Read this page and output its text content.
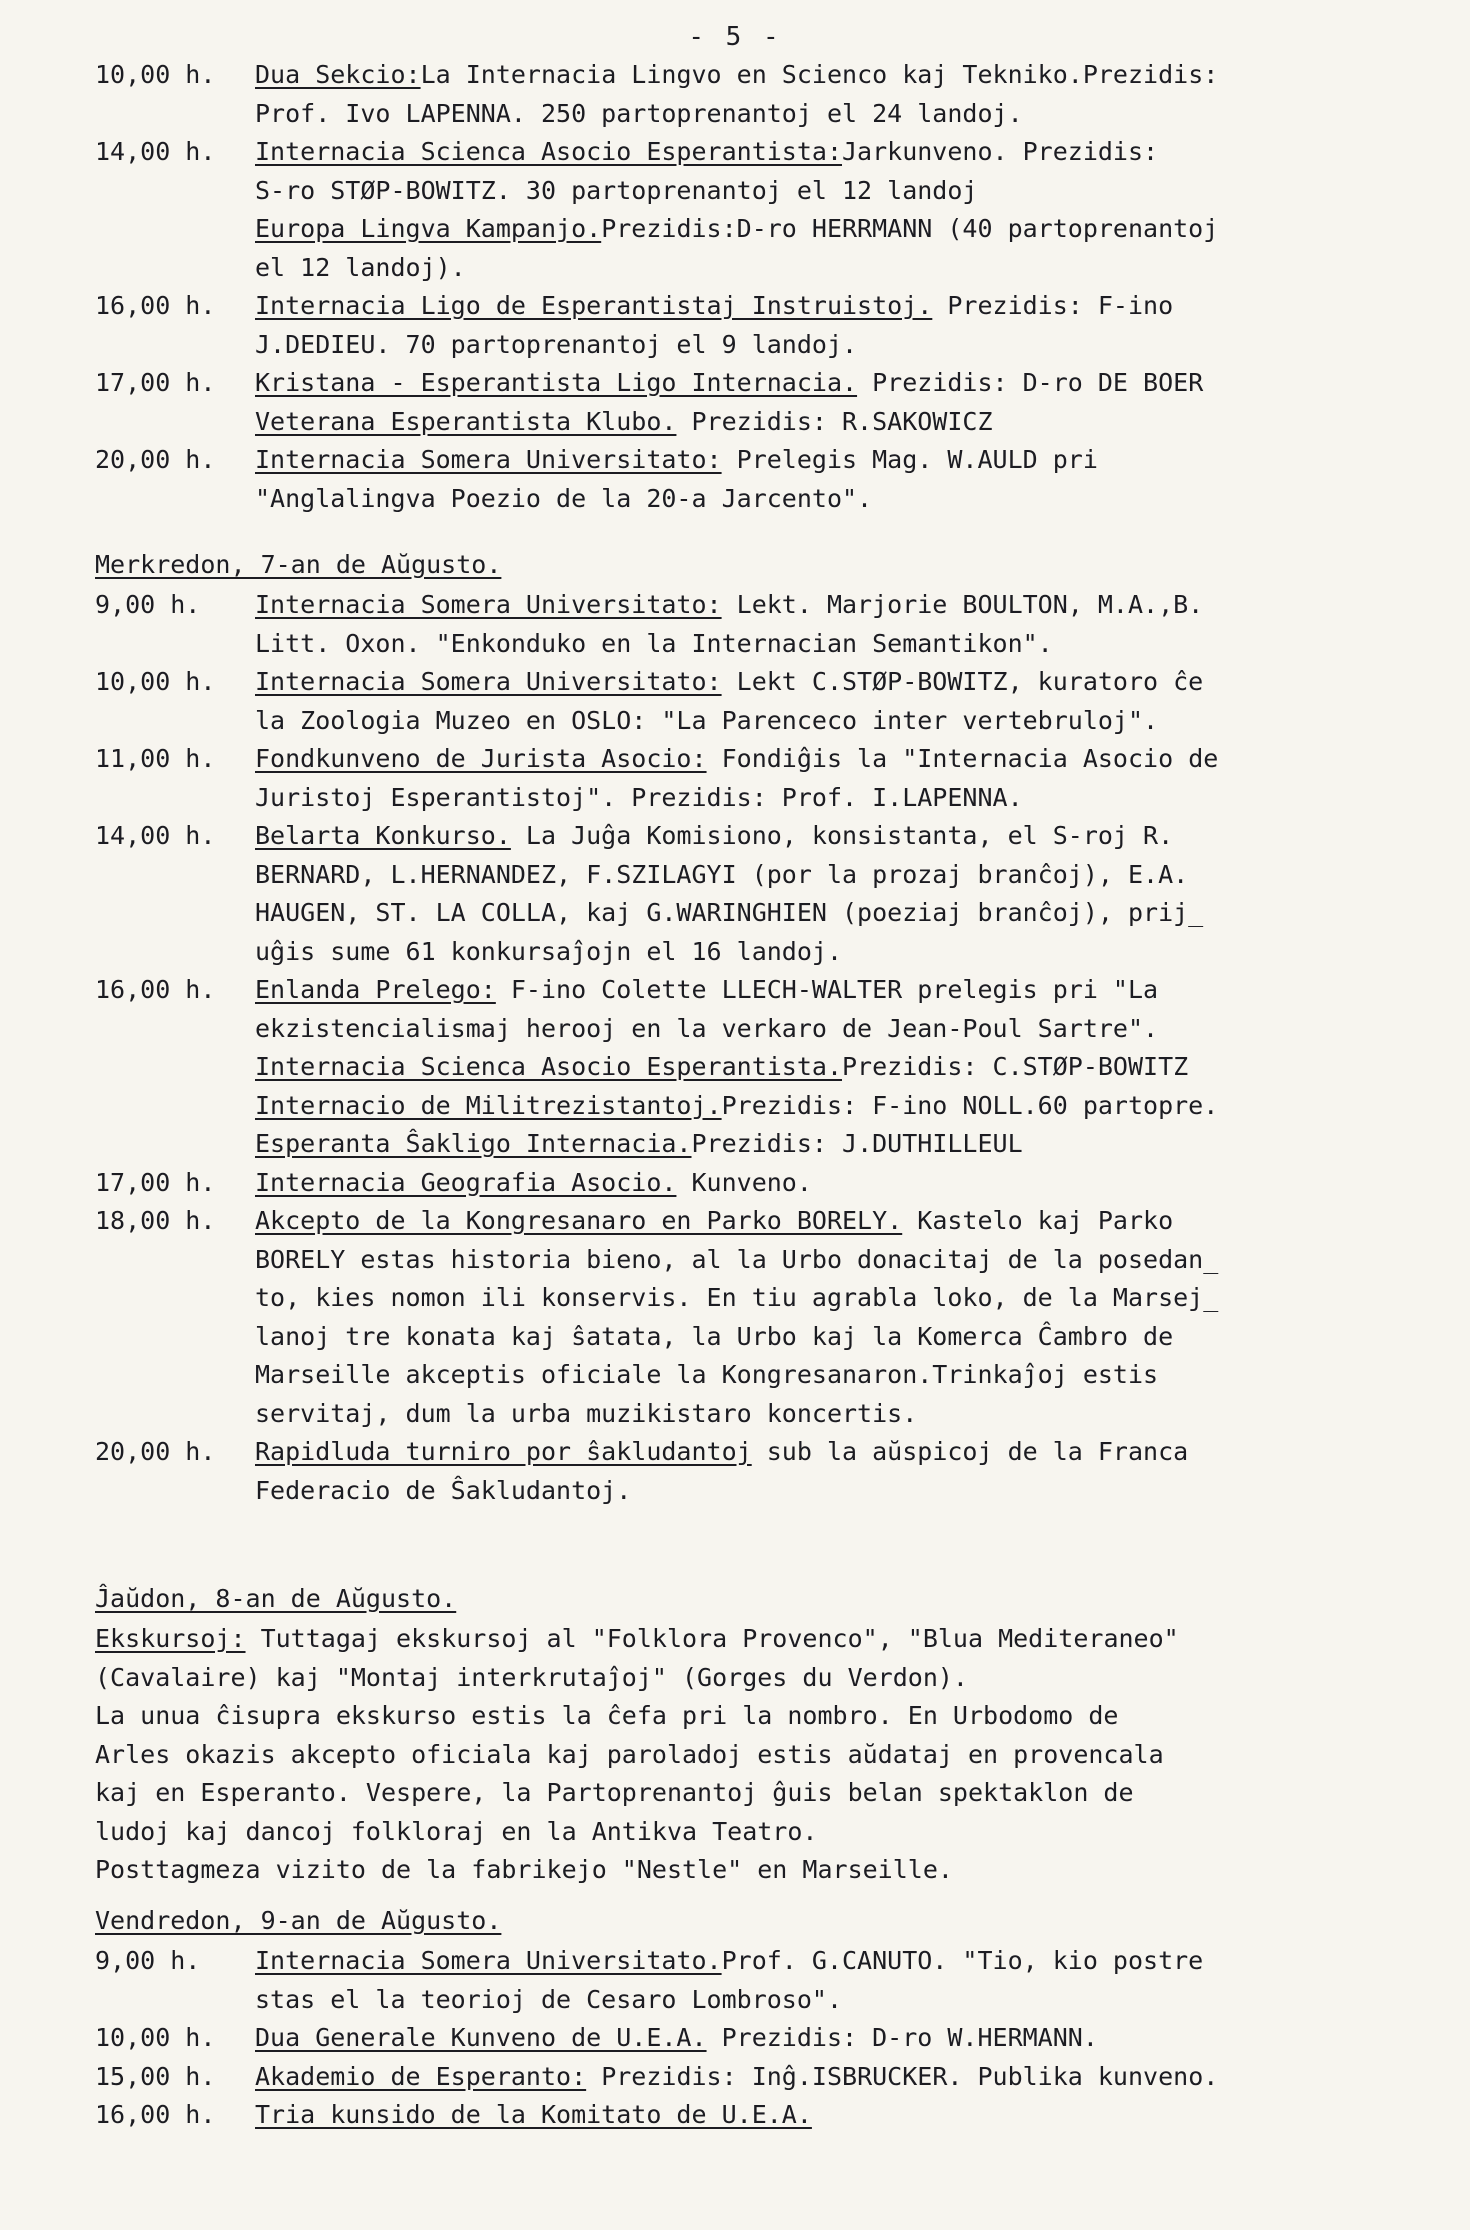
- 5 -
10,00 h. Dua Sekcio:La Internacia Lingvo en Scienco kaj Tekniko.Prezidis:
Prof. Ivo LAPENNA. 250 partoprenantoj el 24 landoj.
14,00 h. Internacia Scienca Asocio Esperantista:Jarkunveno. Prezidis:
S-ro STØP-BOWITZ. 30 partoprenantoj el 12 landoj
Europa Lingva Kampanjo.Prezidis:D-ro HERRMANN (40 partoprenantoj
el 12 landoj).
16,00 h. Internacia Ligo de Esperantistaj Instruistoj. Prezidis: F-ino
J.DEDIEU. 70 partoprenantoj el 9 landoj.
17,00 h. Kristana - Esperantista Ligo Internacia. Prezidis: D-ro DE BOER
Veterana Esperantista Klubo. Prezidis: R.SAKOWICZ
20,00 h. Internacia Somera Universitato: Prelegis Mag. W.AULD pri
"Anglalingva Poezio de la 20-a Jarcento".
Merkredon, 7-an de Aŭgusto.
9,00 h. Internacia Somera Universitato: Lekt. Marjorie BOULTON, M.A.,B.
Litt. Oxon. "Enkonduko en la Internacian Semantikon".
10,00 h. Internacia Somera Universitato: Lekt C.STØP-BOWITZ, kuratoro ĉe
la Zoologia Muzeo en OSLO: "La Parenceco inter vertebruloj".
11,00 h. Fondkunveno de Jurista Asocio: Fondiĝis la "Internacia Asocio de
Juristoj Esperantistoj". Prezidis: Prof. I.LAPENNA.
14,00 h. Belarta Konkurso. La Juĝa Komisiono, konsistanta, el S-roj R.
BERNARD, L.HERNANDEZ, F.SZILAGYI (por la prozaj branĉoj), E.A.
HAUGEN, ST. LA COLLA, kaj G.WARINGHIEN (poeziaj branĉoj), prij_
uĝis sume 61 konkursaĵojn el 16 landoj.
16,00 h. Enlanda Prelego: F-ino Colette LLECH-WALTER prelegis pri "La
ekzistencialismaj herooj en la verkaro de Jean-Poul Sartre".
Internacia Scienca Asocio Esperantista.Prezidis: C.STØP-BOWITZ
Internacio de Militrezistantoj.Prezidis: F-ino NOLL.60 partopre.
Esperanta Ŝakligo Internacia.Prezidis: J.DUTHILLEUL
17,00 h. Internacia Geografia Asocio. Kunveno.
18,00 h. Akcepto de la Kongresanaro en Parko BORELY. Kastelo kaj Parko
BORELY estas historia bieno, al la Urbo donacitaj de la posedan_
to, kies nomon ili konservis. En tiu agrabla loko, de la Marsej_
lanoj tre konata kaj ŝatata, la Urbo kaj la Komerca Ĉambro de
Marseille akceptis oficiale la Kongresanaron.Trinkaĵoj estis
servitaj, dum la urba muzikistaro koncertis.
20,00 h. Rapidluda turniro por ŝakludantoj sub la aŭspicoj de la Franca
Federacio de Ŝakludantoj.
Ĵaŭdon, 8-an de Aŭgusto.
Ekskursoj: Tuttagaj ekskursoj al "Folklora Provenco", "Blua Mediteraneo"
(Cavalaire) kaj "Montaj interkrutaĵoj" (Gorges du Verdon).
La unua ĉisupra ekskurso estis la ĉefa pri la nombro. En Urbodomo de
Arles okazis akcepto oficiala kaj paroladoj estis aŭdataj en provencala
kaj en Esperanto. Vespere, la Partoprenantoj ĝuis belan spektaklon de
ludoj kaj dancoj folkloraj en la Antikva Teatro.
Posttagmeza vizito de la fabrikejo "Nestle" en Marseille.
Vendredon, 9-an de Aŭgusto.
9,00 h. Internacia Somera Universitato.Prof. G.CANUTO. "Tio, kio postre
stas el la teorioj de Cesaro Lombroso".
10,00 h. Dua Generale Kunveno de U.E.A. Prezidis: D-ro W.HERMANN.
15,00 h. Akademio de Esperanto: Prezidis: Inĝ.ISBRUCKER. Publika kunveno.
16,00 h. Tria kunsido de la Komitato de U.E.A.
